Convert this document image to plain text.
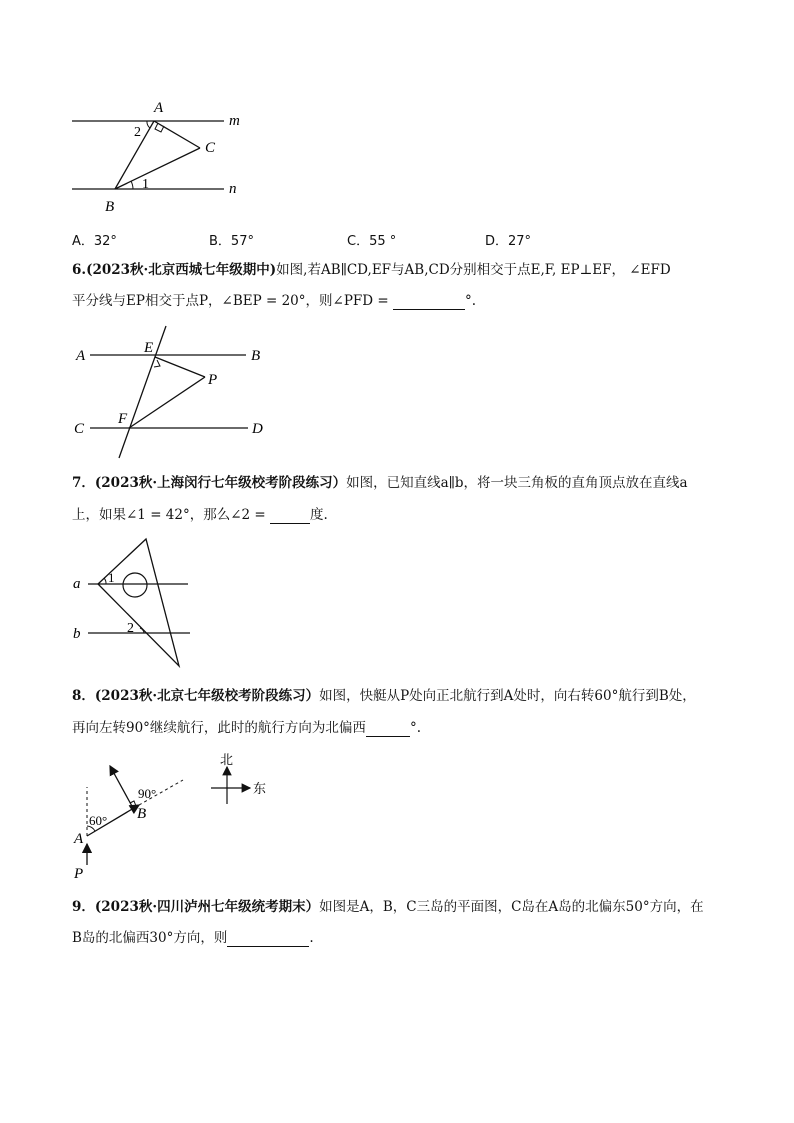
A
m
2
C
1	n
B
A．32°	B．57°	C．55 °	D．27°
6.(2023秋·北京西城七年级期中)如图,若AB∥CD,EF与AB,CD分别相交于点E,F, EP⊥EF， ∠EFD
平分线与EP相交于点P，∠BEP = 20°，则∠PFD =	°.
A	E	B
P
F
C	D
7．(2023秋·上海闵行七年级校考阶段练习）如图，已知直线a∥b，将一块三角板的直角顶点放在直线a
上，如果∠1 = 42°，那么∠2 =	度.
a 1
b	2
8．(2023秋·北京七年级校考阶段练习）如图，快艇从P处向正北航行到A处时，向右转60°航行到B处，
再向左转90°继续航行，此时的航行方向为北偏西	°.
北
东
90°
60°
A
B
P
9．(2023秋·四川泸州七年级统考期末）如图是A，B，C三岛的平面图，C岛在A岛的北偏东50°方向，在
B岛的北偏西30°方向，则	.
